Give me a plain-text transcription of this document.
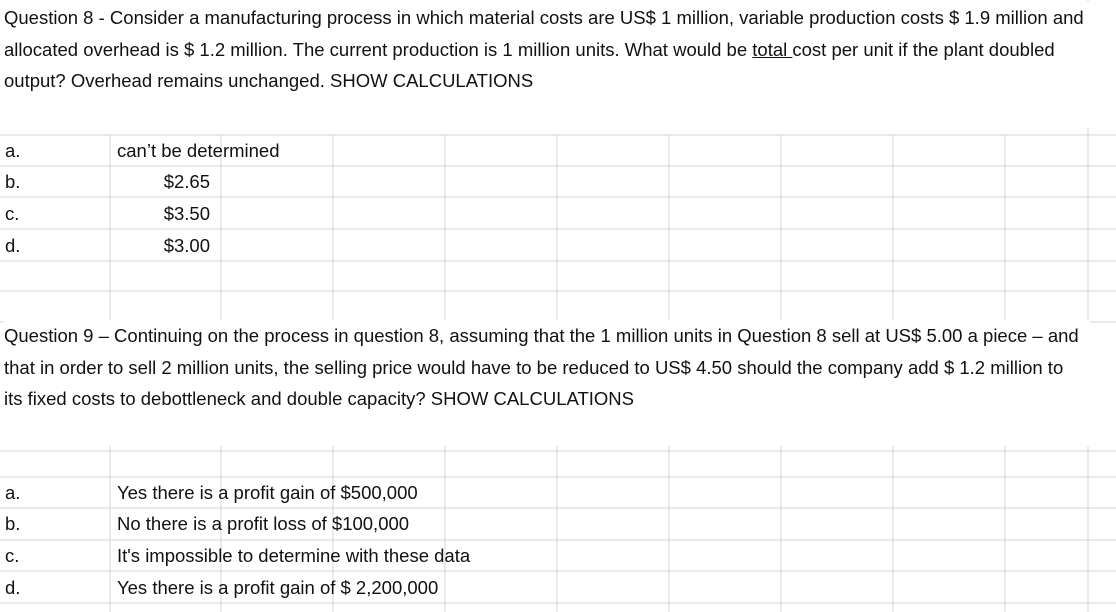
Question 8 - Consider a manufacturing process in which material costs are US$ 1 million, variable production costs $ 1.9 million and allocated overhead is $ 1.2 million. The current production is 1 million units. What would be total cost per unit if the plant doubled output? Overhead remains unchanged. SHOW CALCULATIONS
a.	can’t be determined
b.	$2.65
c.	$3.50
d.	$3.00
Question 9 – Continuing on the process in question 8, assuming that the 1 million units in Question 8 sell at US$ 5.00 a piece – and that in order to sell 2 million units, the selling price would have to be reduced to US$ 4.50 should the company add $ 1.2 million to its fixed costs to debottleneck and double capacity? SHOW CALCULATIONS
a.	Yes there is a profit gain of $500,000
b.	No there is a profit loss of $100,000
c.	It's impossible to determine with these data
d.	Yes there is a profit gain of $ 2,200,000
